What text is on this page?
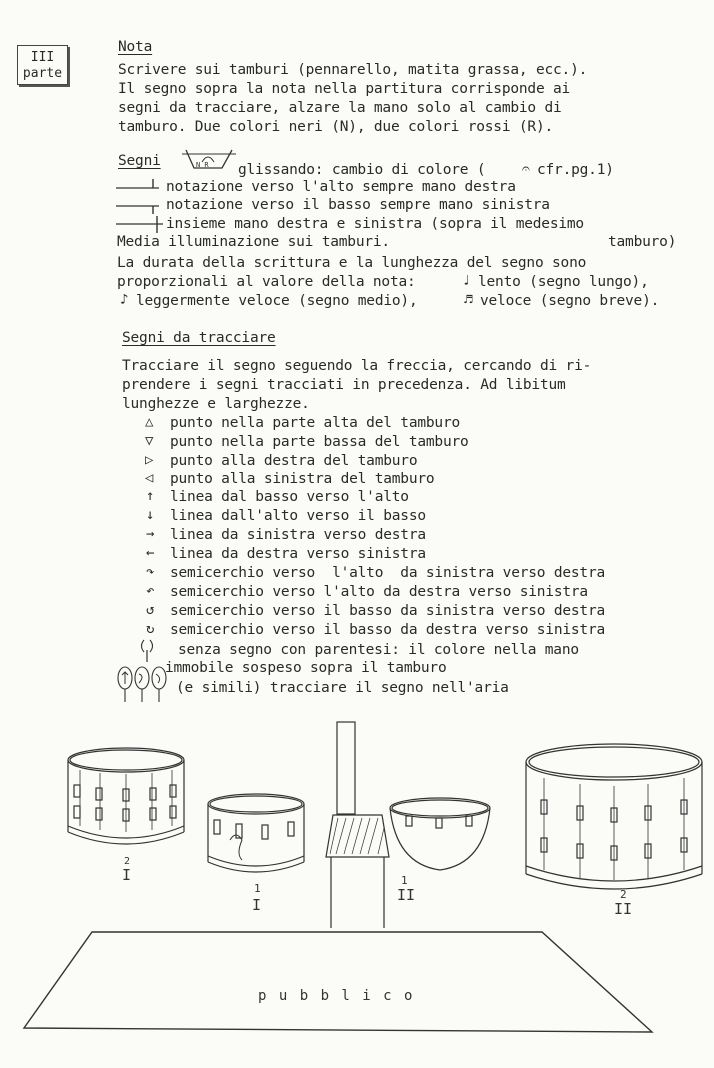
III
parte
Nota
Scrivere sui tamburi (pennarello, matita grassa, ecc.).
Il segno sopra la nota nella partitura corrisponde ai
segni da tracciare, alzare la mano solo al cambio di
tamburo. Due colori neri (N), due colori rossi (R).
Segni	N R glissando: cambio di colore (	𝄐 cfr.pg.1)
notazione verso l'alto sempre mano destra
notazione verso il basso sempre mano sinistra
insieme mano destra e sinistra (sopra il medesimo
Media illuminazione sui tamburi.	tamburo)
La durata della scrittura e la lunghezza del segno sono
proporzionali al valore della nota:	♩ lento (segno lungo),
♪ leggermente veloce (segno medio),	♬ veloce (segno breve).
Segni da tracciare
Tracciare il segno seguendo la freccia, cercando di ri-
prendere i segni tracciati in precedenza. Ad libitum
lunghezze e larghezze.
△ punto nella parte alta del tamburo
▽ punto nella parte bassa del tamburo
▷ punto alla destra del tamburo
◁ punto alla sinistra del tamburo
↑ linea dal basso verso l'alto
↓ linea dall'alto verso il basso
→ linea da sinistra verso destra
← linea da destra verso sinistra
↷ semicerchio verso  l'alto  da sinistra verso destra
↶ semicerchio verso l'alto da destra verso sinistra
↺ semicerchio verso il basso da sinistra verso destra
↻ semicerchio verso il basso da destra verso sinistra
senza segno con parentesi: il colore nella mano
immobile sospeso sopra il tamburo
(e simili) tracciare il segno nell'aria
2
I
1
I
1
II	2
II
p u b b l i c o
